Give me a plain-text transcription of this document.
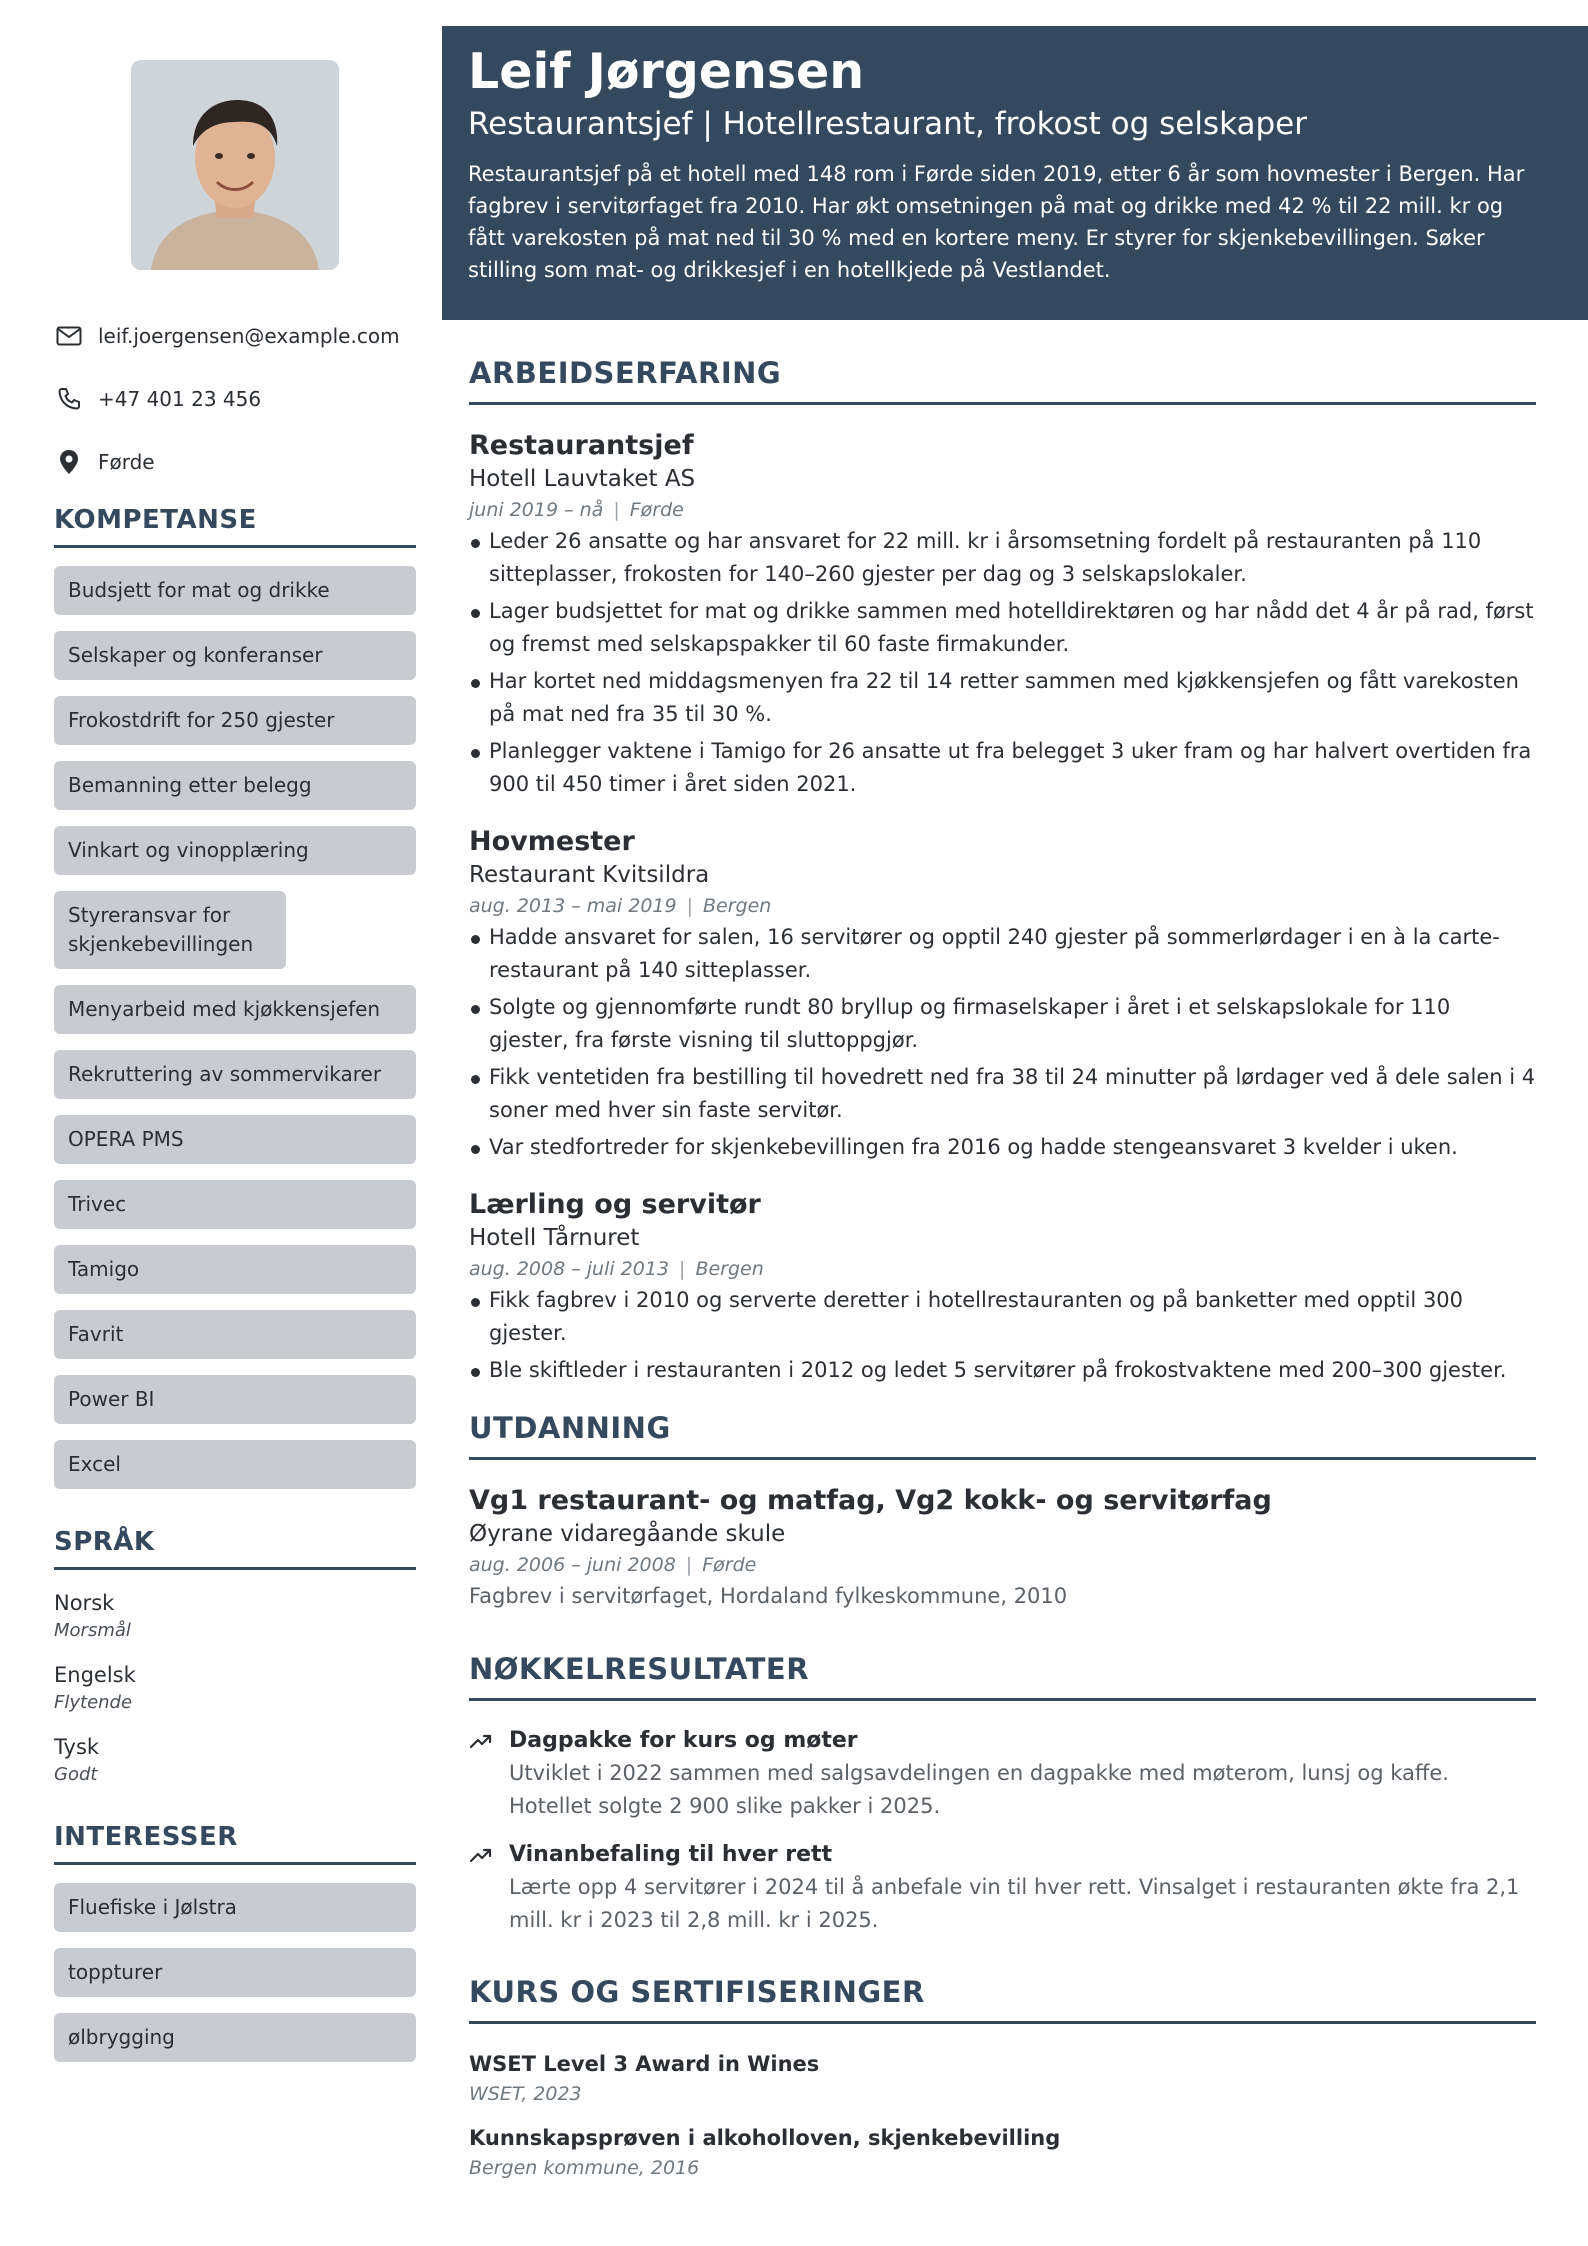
leif.joergensen@example.com
+47 401 23 456
Førde
KOMPETANSE
Budsjett for mat og drikke
Selskaper og konferanser
Frokostdrift for 250 gjester
Bemanning etter belegg
Vinkart og vinopplæring
Styreransvar for skjenkebevillingen
Menyarbeid med kjøkkensjefen
Rekruttering av sommervikarer
OPERA PMS
Trivec
Tamigo
Favrit
Power BI
Excel
SPRÅK
Norsk
Morsmål
Engelsk
Flytende
Tysk
Godt
INTERESSER
Fluefiske i Jølstra
toppturer
ølbrygging
Leif Jørgensen
Restaurantsjef | Hotellrestaurant, frokost og selskaper
Restaurantsjef på et hotell med 148 rom i Førde siden 2019, etter 6 år som hovmester i Bergen. Har fagbrev i servitørfaget fra 2010. Har økt omsetningen på mat og drikke med 42 % til 22 mill. kr og fått varekosten på mat ned til 30 % med en kortere meny. Er styrer for skjenkebevillingen. Søker stilling som mat- og drikkesjef i en hotellkjede på Vestlandet.
ARBEIDSERFARING
Restaurantsjef
Hotell Lauvtaket AS
juni 2019 – nå | Førde
Leder 26 ansatte og har ansvaret for 22 mill. kr i årsomsetning fordelt på restauranten på 110 sitteplasser, frokosten for 140–260 gjester per dag og 3 selskapslokaler.
Lager budsjettet for mat og drikke sammen med hotelldirektøren og har nådd det 4 år på rad, først og fremst med selskapspakker til 60 faste firmakunder.
Har kortet ned middagsmenyen fra 22 til 14 retter sammen med kjøkkensjefen og fått varekosten på mat ned fra 35 til 30 %.
Planlegger vaktene i Tamigo for 26 ansatte ut fra belegget 3 uker fram og har halvert overtiden fra 900 til 450 timer i året siden 2021.
Hovmester
Restaurant Kvitsildra
aug. 2013 – mai 2019 | Bergen
Hadde ansvaret for salen, 16 servitører og opptil 240 gjester på sommerlørdager i en à la carte-restaurant på 140 sitteplasser.
Solgte og gjennomførte rundt 80 bryllup og firmaselskaper i året i et selskapslokale for 110 gjester, fra første visning til sluttoppgjør.
Fikk ventetiden fra bestilling til hovedrett ned fra 38 til 24 minutter på lørdager ved å dele salen i 4 soner med hver sin faste servitør.
Var stedfortreder for skjenkebevillingen fra 2016 og hadde stengeansvaret 3 kvelder i uken.
Lærling og servitør
Hotell Tårnuret
aug. 2008 – juli 2013 | Bergen
Fikk fagbrev i 2010 og serverte deretter i hotellrestauranten og på banketter med opptil 300 gjester.
Ble skiftleder i restauranten i 2012 og ledet 5 servitører på frokostvaktene med 200–300 gjester.
UTDANNING
Vg1 restaurant- og matfag, Vg2 kokk- og servitørfag
Øyrane vidaregåande skule
aug. 2006 – juni 2008 | Førde
Fagbrev i servitørfaget, Hordaland fylkeskommune, 2010
NØKKELRESULTATER
Dagpakke for kurs og møter
Utviklet i 2022 sammen med salgsavdelingen en dagpakke med møterom, lunsj og kaffe. Hotellet solgte 2 900 slike pakker i 2025.
Vinanbefaling til hver rett
Lærte opp 4 servitører i 2024 til å anbefale vin til hver rett. Vinsalget i restauranten økte fra 2,1 mill. kr i 2023 til 2,8 mill. kr i 2025.
KURS OG SERTIFISERINGER
WSET Level 3 Award in Wines
WSET, 2023
Kunnskapsprøven i alkoholloven, skjenkebevilling
Bergen kommune, 2016
